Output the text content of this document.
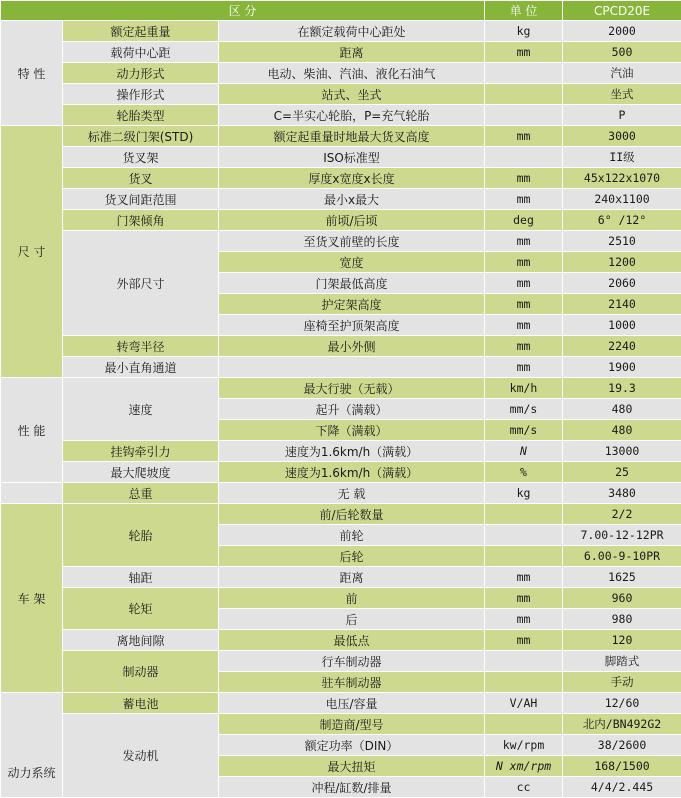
区 分			单 位	CPCD20E
特 性	额定起重量	在额定载荷中心距处	kg	2000
	载荷中心距	距离	mm	500
	动力形式	电动、柴油、汽油、液化石油气		汽油
	操作形式	站式、坐式		坐式
	轮胎类型	C=半实心轮胎，P=充气轮胎		P
尺 寸	标准二级门架(STD)	额定起重量时地最大货叉高度	mm	3000
	货叉架	ISO标准型		II级
	货叉	厚度x宽度x长度	mm	45x122x1070
	货叉间距范围	最小x最大	mm	240x1100
	门架倾角	前顷/后顷	deg	6° /12°
	外部尺寸	至货叉前壁的长度	mm	2510
		宽度	mm	1200
		门架最低高度	mm	2060
		护定架高度	mm	2140
		座椅至护顶架高度	mm	1000
	转弯半径	最小外侧	mm	2240
	最小直角通道		mm	1900
性 能	速度	最大行驶（无载）	km/h	19.3
		起升（满载）	mm/s	480
		下降（满载）	mm/s	480
	挂钩牵引力	速度为1.6km/h（满载）	N	13000
	最大爬坡度	速度为1.6km/h（满载）	%	25
	总重	无 载	kg	3480
车 架	轮胎	前/后轮数量		2/2
		前轮		7.00-12-12PR
		后轮		6.00-9-10PR
	轴距	距离	mm	1625
	轮矩	前	mm	960
		后	mm	980
	离地间隙	最低点	mm	120
	制动器	行车制动器		脚踏式
		驻车制动器		手动
动力系统	蓄电池	电压/容量	V/AH	12/60
	发动机	制造商/型号		北内/BN492G2
		额定功率（DIN）	kw/rpm	38/2600
		最大扭矩	N xm/rpm	168/1500
		冲程/缸数/排量	cc	4/4/2.445
